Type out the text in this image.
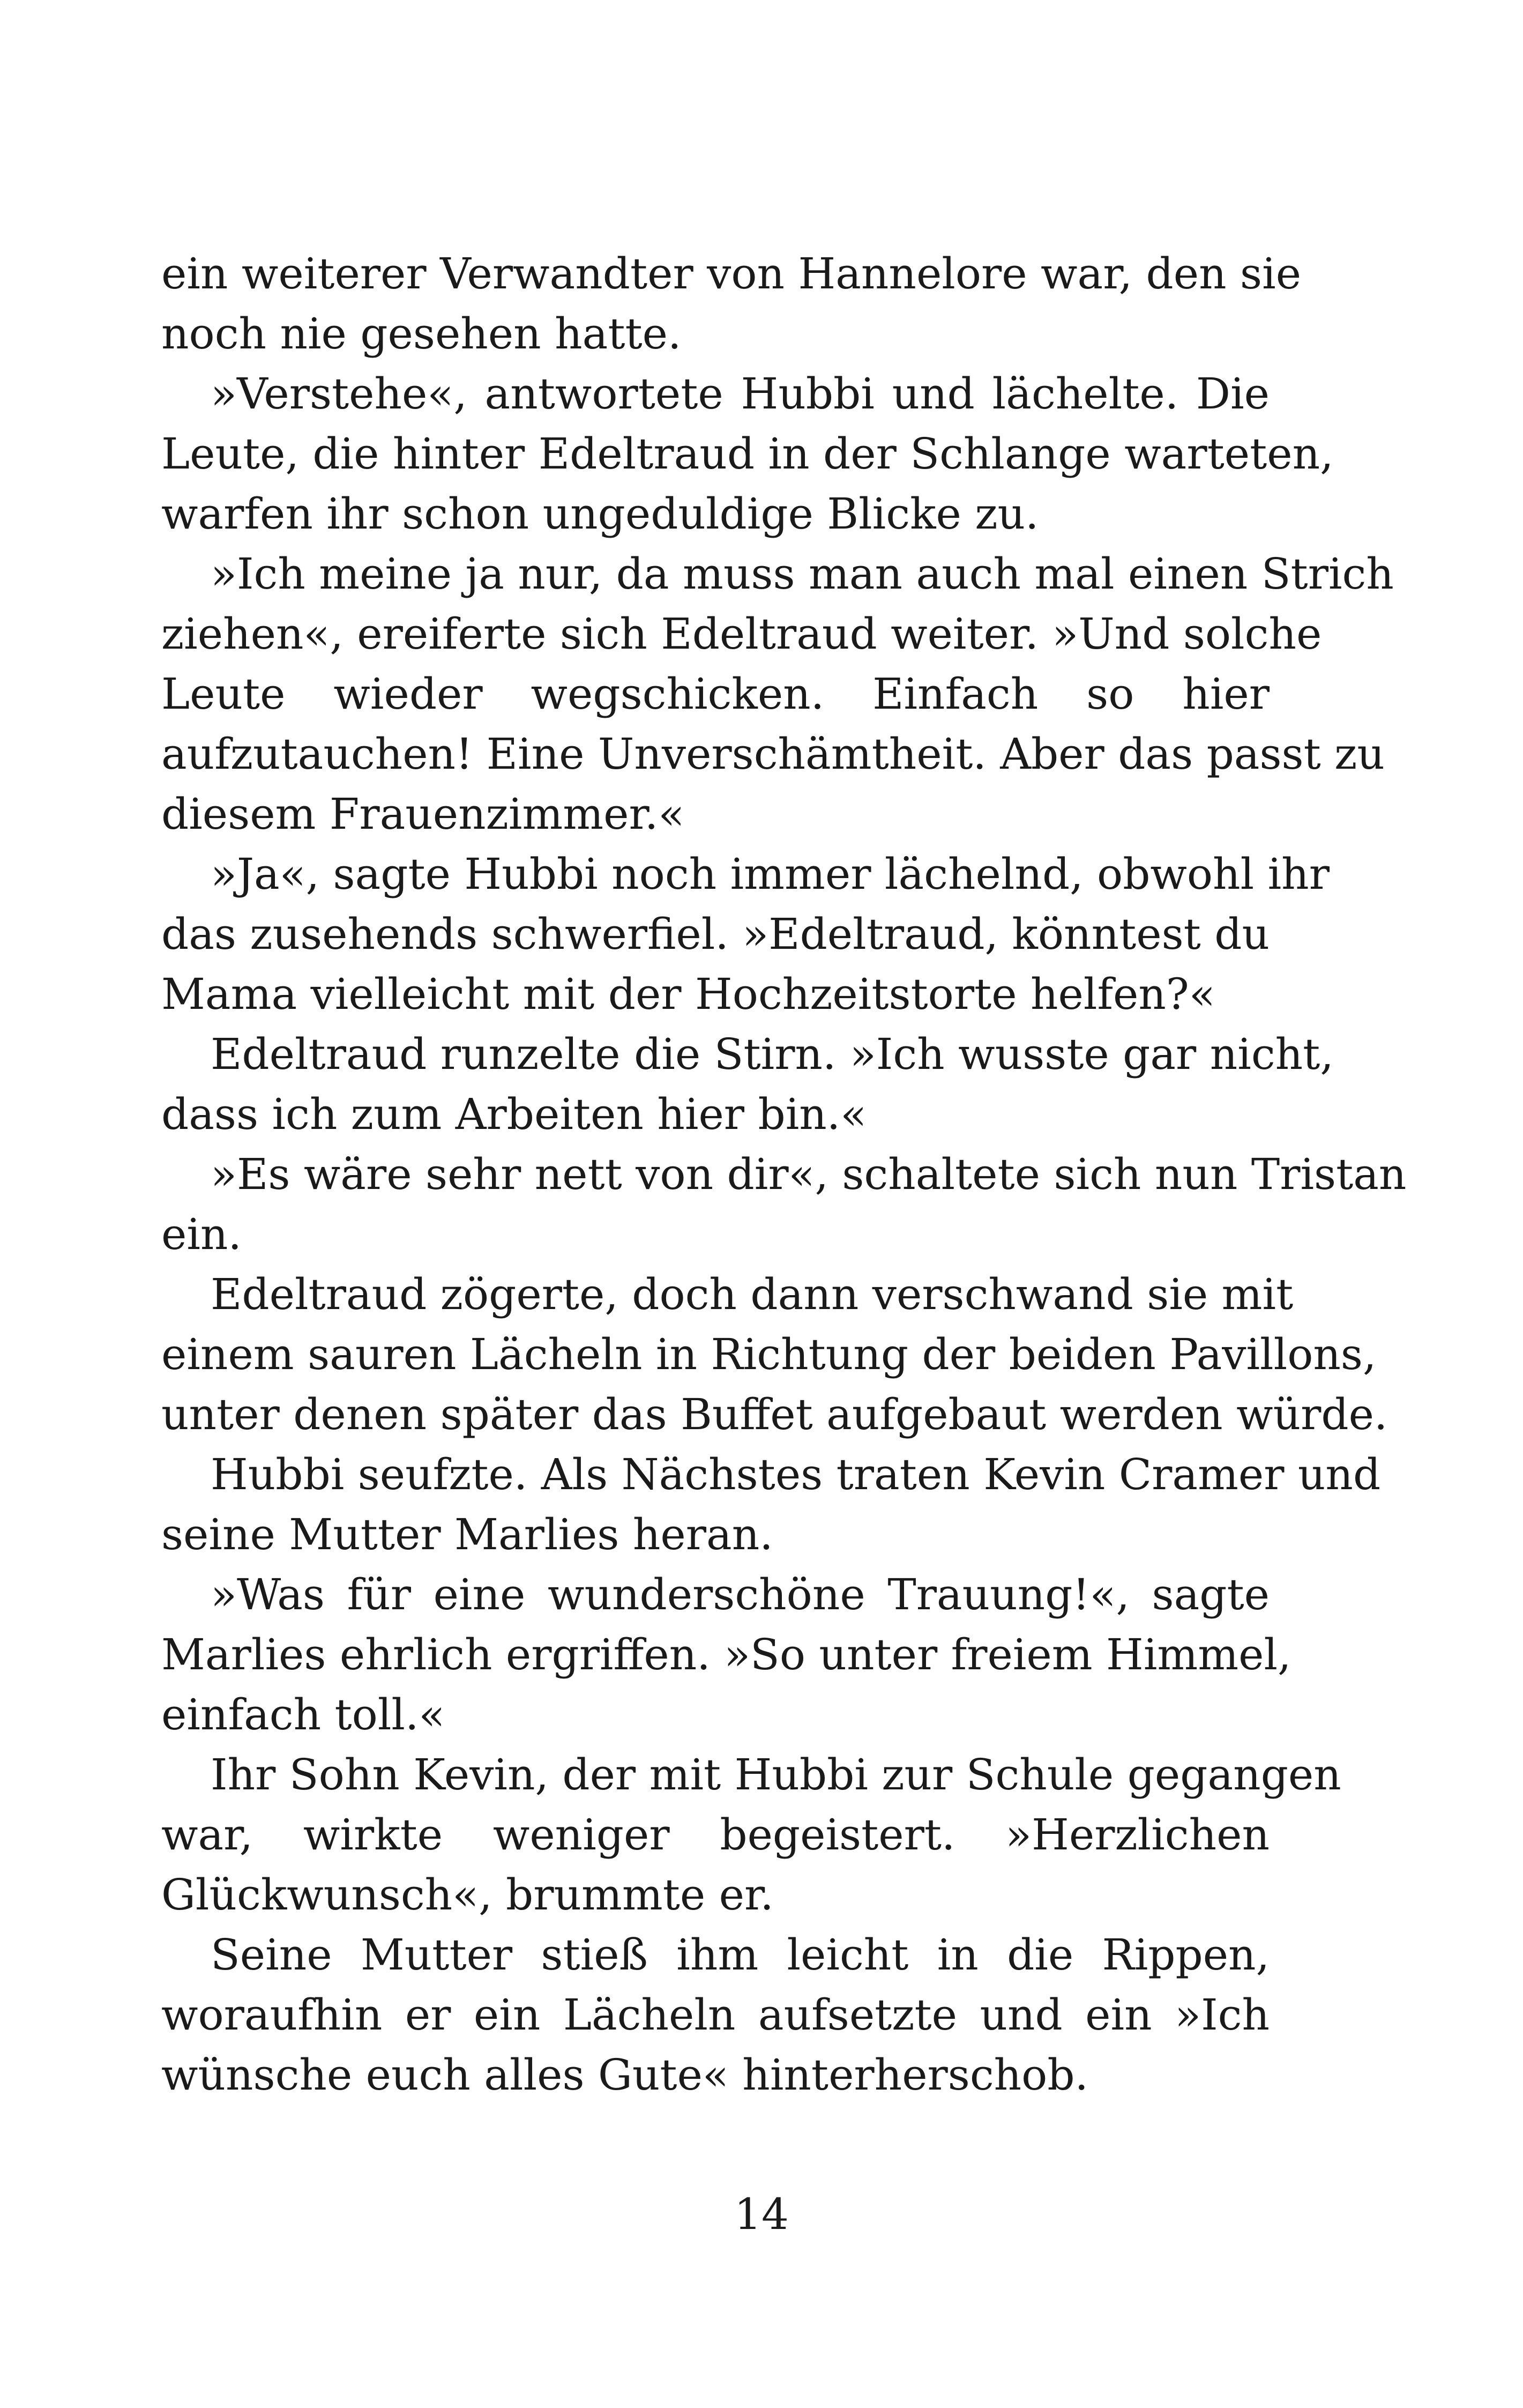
ein weiterer Verwandter von Hannelore war, den sie
noch nie gesehen hatte.
»Verstehe«, antwortete Hubbi und lächelte. Die
Leute, die hinter Edeltraud in der Schlange warteten,
warfen ihr schon ungeduldige Blicke zu.
»Ich meine ja nur, da muss man auch mal einen Strich
ziehen«, ereiferte sich Edeltraud weiter. »Und solche
Leute wieder wegschicken. Einfach so hier
aufzutauchen! Eine Unverschämtheit. Aber das passt zu
diesem Frauenzimmer.«
»Ja«, sagte Hubbi noch immer lächelnd, obwohl ihr
das zusehends schwerfiel. »Edeltraud, könntest du
Mama vielleicht mit der Hochzeitstorte helfen?«
Edeltraud runzelte die Stirn. »Ich wusste gar nicht,
dass ich zum Arbeiten hier bin.«
»Es wäre sehr nett von dir«, schaltete sich nun Tristan
ein.
Edeltraud zögerte, doch dann verschwand sie mit
einem sauren Lächeln in Richtung der beiden Pavillons,
unter denen später das Buffet aufgebaut werden würde.
Hubbi seufzte. Als Nächstes traten Kevin Cramer und
seine Mutter Marlies heran.
»Was für eine wunderschöne Trauung!«, sagte
Marlies ehrlich ergriffen. »So unter freiem Himmel,
einfach toll.«
Ihr Sohn Kevin, der mit Hubbi zur Schule gegangen
war, wirkte weniger begeistert. »Herzlichen
Glückwunsch«, brummte er.
Seine Mutter stieß ihm leicht in die Rippen,
woraufhin er ein Lächeln aufsetzte und ein »Ich
wünsche euch alles Gute« hinterherschob.
14
